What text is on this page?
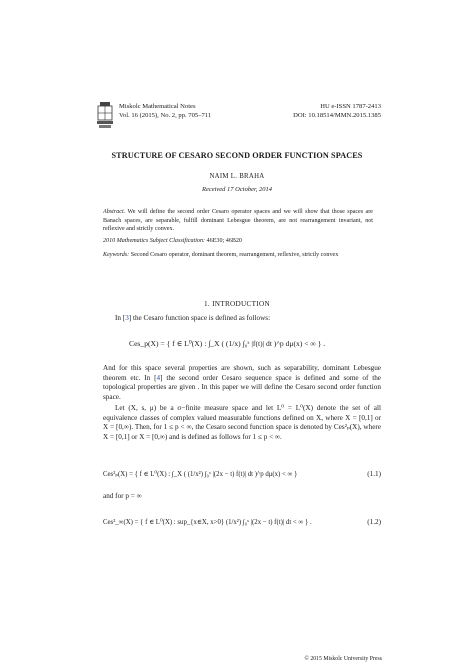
Miskolc Mathematical Notes
Vol. 16 (2015), No. 2, pp. 705–711
HU e-ISSN 1787-2413
DOI: 10.18514/MMN.2015.1385
STRUCTURE OF CESARO SECOND ORDER FUNCTION SPACES
NAIM L. BRAHA
Received 17 October, 2014
Abstract. We will define the second order Cesaro operator spaces and we will show that those spaces are Banach spaces, are separable, fulfill dominant Lebesgue theorem, are not rearrangement invariant, not reflexive and strictly convex.
2010 Mathematics Subject Classification: 46E30; 46B20
Keywords: Second Cesaro operator, dominant theorem, rearrangement, reflexive, strictly convex
1. INTRODUCTION
In [3] the Cesaro function space is defined as follows:
Ces_p(X) = { f ∈ L⁰(X) : ∫_X ( (1/x) ∫₀ˣ |f(t)| dt )^p dμ(x) < ∞ } .
And for this space several properties are shown, such as separability, dominant Lebesgue theorem etc. In [4] the second order Cesaro sequence space is defined and some of the topological properties are given . In this paper we will define the Cesaro second order function space.
Let (X, s, μ) be a σ−finite measure space and let L⁰ = L⁰(X) denote the set of all equivalence classes of complex valued measurable functions defined on X, where X = [0,1] or X = [0,∞). Then, for 1 ≤ p < ∞, the Cesaro second function space is denoted by Ces²ₚ(X), where X = [0,1] or X = [0,∞) and is defined as follows for 1 ≤ p < ∞.
Ces²ₚ(X) = { f ∈ L⁰(X) : ∫_X ( (1/x²) ∫₀ˣ |(2x − t) f(t)| dt )^p dμ(x) < ∞ }	(1.1)
and for p = ∞
Ces²_∞(X) = { f ∈ L⁰(X) : sup_{x∈X, x>0} (1/x²) ∫₀ˣ |(2x − t) f(t)| dt < ∞ } .	(1.2)
© 2015 Miskolc University Press
